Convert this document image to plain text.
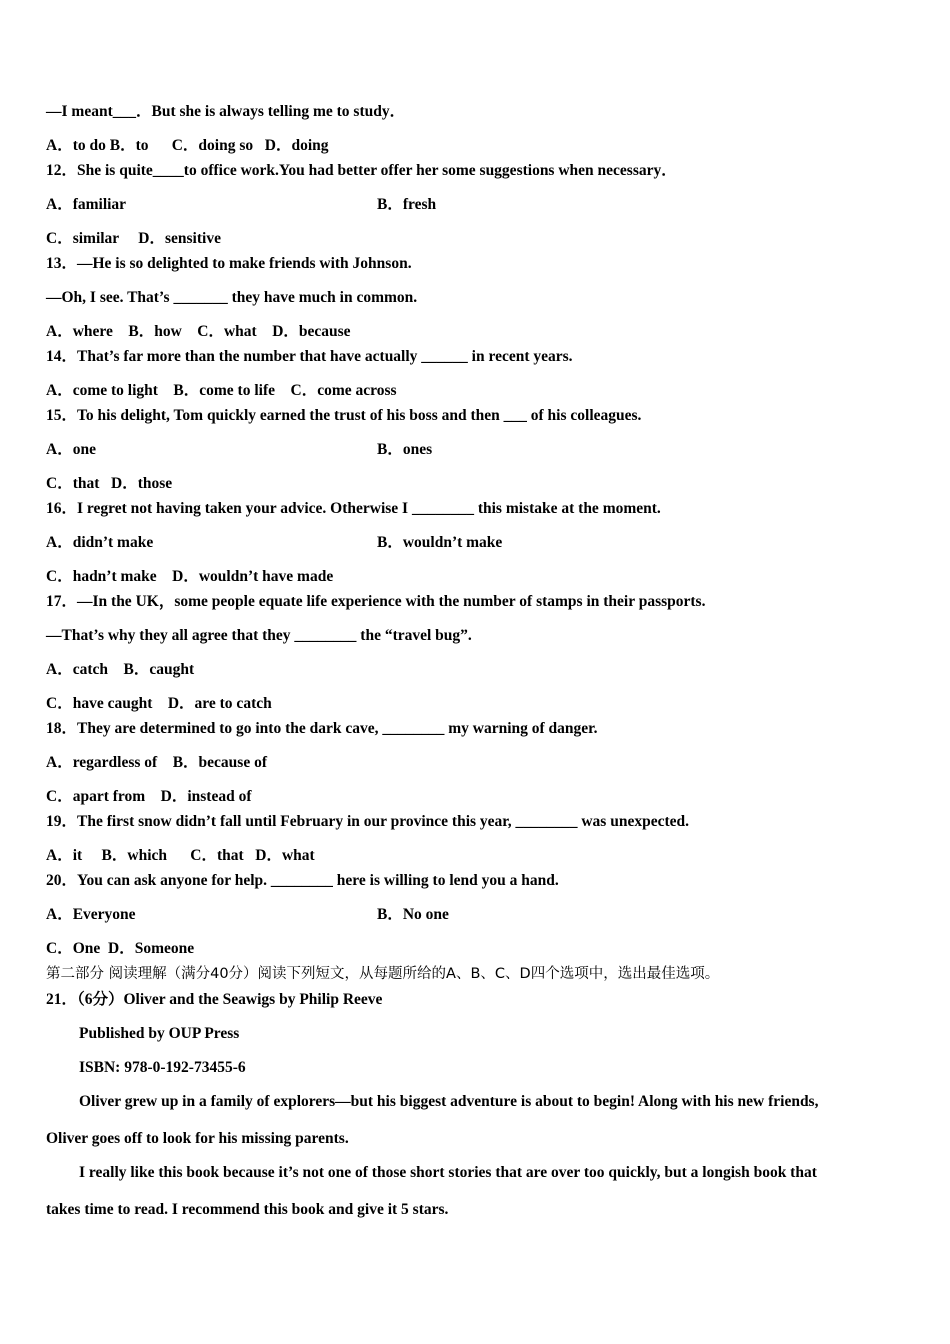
—I meant___．But she is always telling me to study．
A．to do B．to      C．doing so   D．doing
12．She is quite____to office work.You had better offer her some suggestions when necessary．
A．familiar	B．fresh
C．similar     D．sensitive
13．—He is so delighted to make friends with Johnson.
—Oh, I see. That’s _______ they have much in common.
A．where    B．how    C．what    D．because
14．That’s far more than the number that have actually ______ in recent years.
A．come to light    B．come to life    C．come across
15．To his delight, Tom quickly earned the trust of his boss and then ___ of his colleagues.
A．one	B．ones
C．that   D．those
16．I regret not having taken your advice. Otherwise I ________ this mistake at the moment.
A．didn’t make	B．wouldn’t make
C．hadn’t make    D．wouldn’t have made
17．—In the UK，some people equate life experience with the number of stamps in their passports.
—That’s why they all agree that they ________ the “travel bug”.
A．catch    B．caught
C．have caught    D．are to catch
18．They are determined to go into the dark cave, ________ my warning of danger.
A．regardless of    B．because of
C．apart from    D．instead of
19．The first snow didn’t fall until February in our province this year, ________ was unexpected.
A．it     B．which      C．that   D．what
20．You can ask anyone for help. ________ here is willing to lend you a hand.
A．Everyone	B．No one
C．One  D．Someone
第二部分 阅读理解（满分40分）阅读下列短文，从每题所给的A、B、C、D四个选项中，选出最佳选项。
21．（6分）Oliver and the Seawigs by Philip Reeve
Published by OUP Press
ISBN: 978-0-192-73455-6
Oliver grew up in a family of explorers—but his biggest adventure is about to begin! Along with his new friends,
Oliver goes off to look for his missing parents.
I really like this book because it’s not one of those short stories that are over too quickly, but a longish book that
takes time to read. I recommend this book and give it 5 stars.
